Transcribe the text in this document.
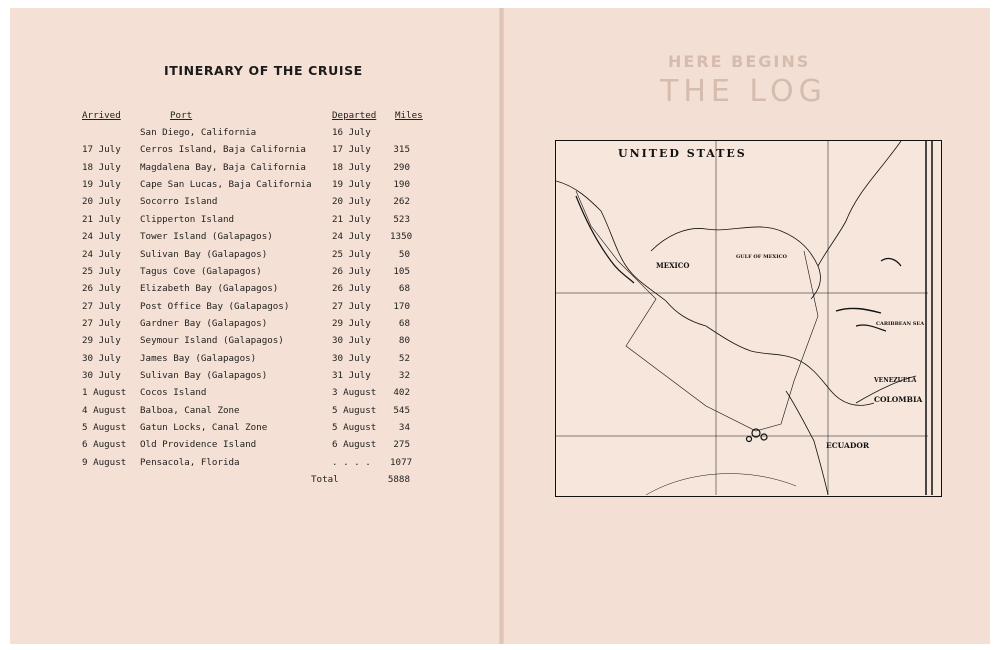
ITINERARY OF THE CRUISE
Arrived	Port	Departed Miles
San Diego, California	16 July
17 July Cerros Island, Baja California	17 July	315
18 July Magdalena Bay, Baja California	18 July	290
19 July Cape San Lucas, Baja California 19 July	190
20 July Socorro Island	20 July	262
21 July Clipperton Island	21 July	523
24 July Tower Island (Galapagos)	24 July 1350
24 July Sulivan Bay (Galapagos)	25 July	50
25 July Tagus Cove (Galapagos)	26 July	105
26 July Elizabeth Bay (Galapagos)	26 July	68
27 July Post Office Bay (Galapagos)	27 July	170
27 July Gardner Bay (Galapagos)	29 July	68
29 July Seymour Island (Galapagos)	30 July	80
30 July James Bay (Galapagos)	30 July	52
30 July Sulivan Bay (Galapagos)	31 July	32
1 August Cocos Island	3 August	402
4 August Balboa, Canal Zone	5 August	545
5 August Gatun Locks, Canal Zone	5 August	34
6 August Old Providence Island	6 August	275
9 August Pensacola, Florida	. . . . 1077
Total	5888
HERE BEGINS
THE LOG
UNITED STATES
MEXICO
GULF OF MEXICO
CARIBBEAN SEA
VENEZUELA
COLOMBIA
ECUADOR
